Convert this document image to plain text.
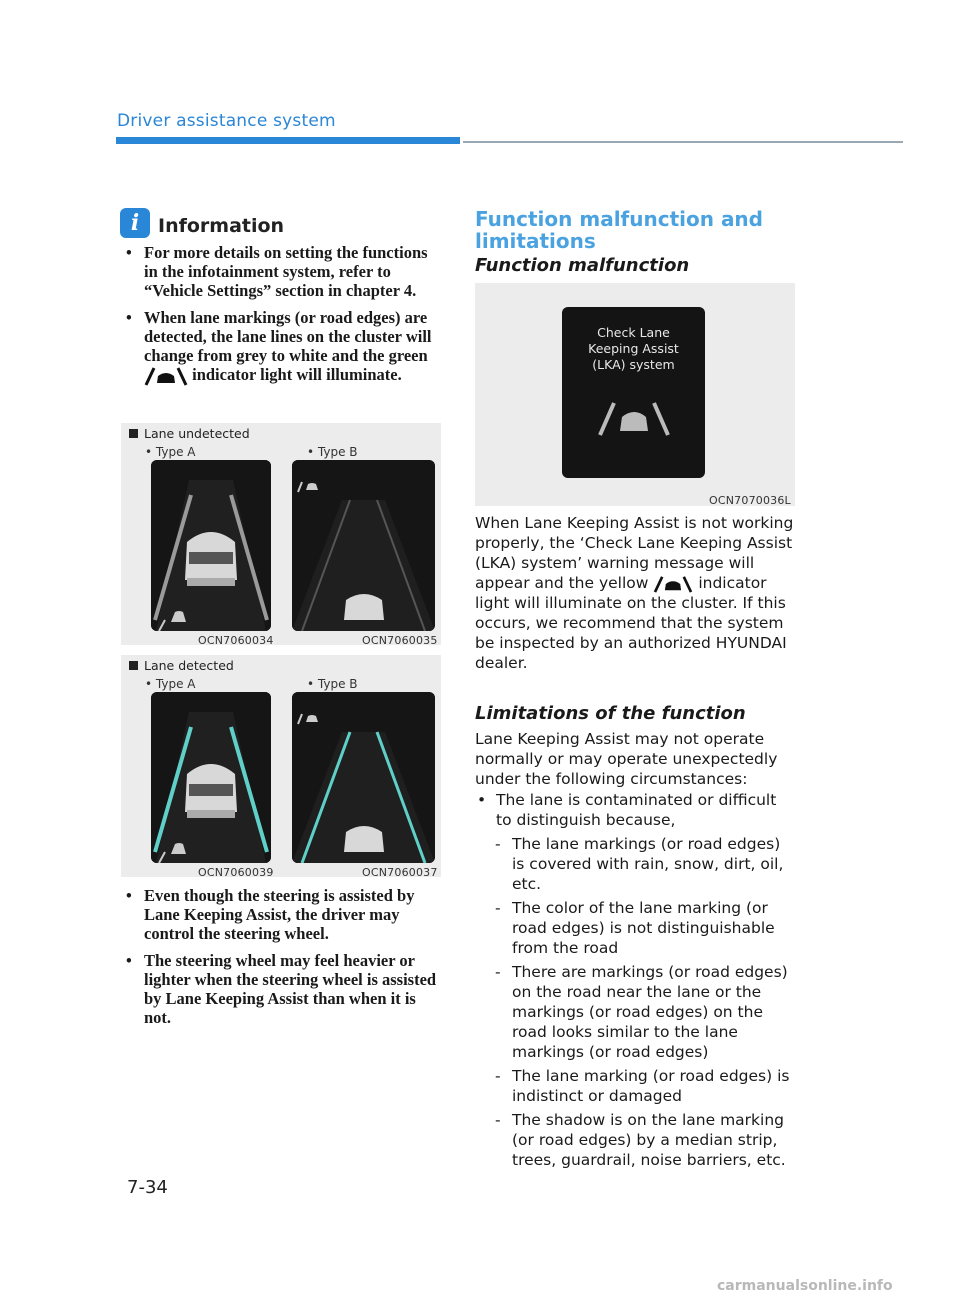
Driver assistance system
i Information
• For more details on setting the functions in the infotainment system, refer to “Vehicle Settings” section in chapter 4.
• When lane markings (or road edges) are detected, the lane lines on the cluster will change from grey to white and the green  indicator light will illuminate.
Lane undetected
• Type A	• Type B
OCN7060034	OCN7060035
Lane detected
• Type A	• Type B
OCN7060039	OCN7060037
• Even though the steering is assisted by Lane Keeping Assist, the driver may control the steering wheel.
• The steering wheel may feel heavier or lighter when the steering wheel is assisted by Lane Keeping Assist than when it is not.
Function malfunction and limitations
Function malfunction
Check Lane
Keeping Assist
(LKA) system
OCN7070036L
When Lane Keeping Assist is not working properly, the ‘Check Lane Keeping Assist (LKA) system’ warning message will appear and the yellow	indicator light will illuminate on the cluster. If this occurs, we recommend that the system be inspected by an authorized HYUNDAI dealer.
Limitations of the function
Lane Keeping Assist may not operate normally or may operate unexpectedly under the following circumstances:
• The lane is contaminated or difficult to distinguish because,
- The lane markings (or road edges) is covered with rain, snow, dirt, oil, etc.
- The color of the lane marking (or road edges) is not distinguishable from the road
- There are markings (or road edges) on the road near the lane or the markings (or road edges) on the road looks similar to the lane markings (or road edges)
- The lane marking (or road edges) is indistinct or damaged
- The shadow is on the lane marking (or road edges) by a median strip, trees, guardrail, noise barriers, etc.
7-34
carmanualsonline.info
